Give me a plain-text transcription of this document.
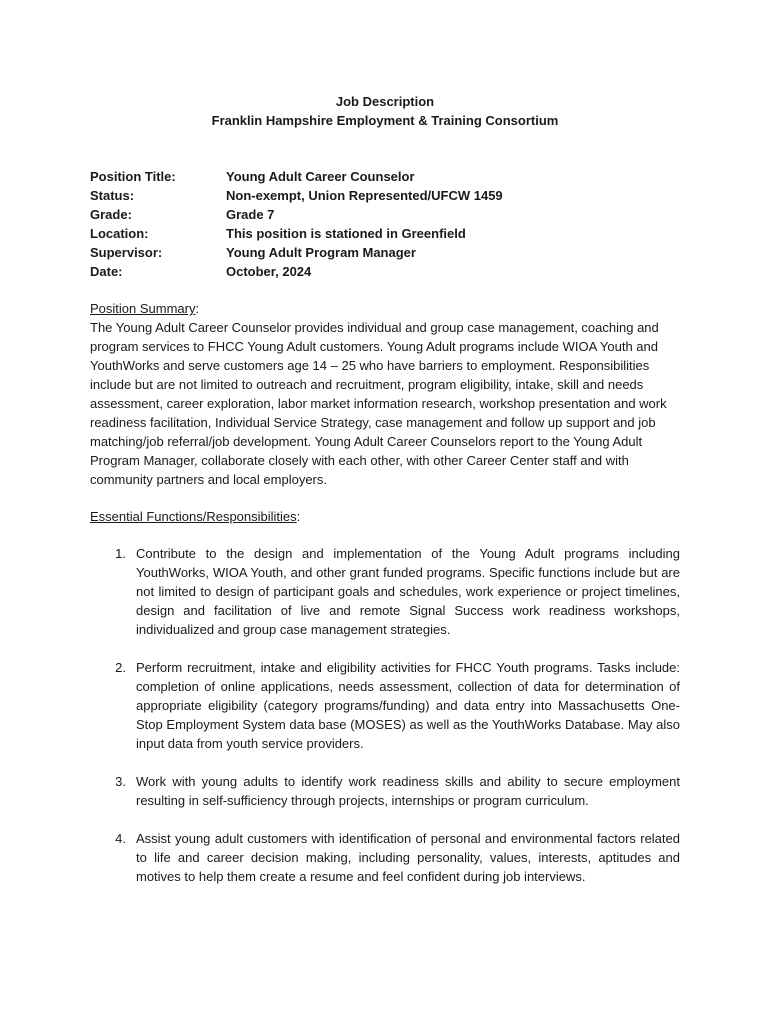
Job Description
Franklin Hampshire Employment & Training Consortium
Position Title:	Young Adult Career Counselor
Status:	Non-exempt, Union Represented/UFCW 1459
Grade:	Grade 7
Location:	This position is stationed in Greenfield
Supervisor:	Young Adult Program Manager
Date:	October, 2024
Position Summary:

The Young Adult Career Counselor provides individual and group case management, coaching and program services to FHCC Young Adult customers. Young Adult programs include WIOA Youth and YouthWorks and serve customers age 14 – 25 who have barriers to employment. Responsibilities include but are not limited to outreach and recruitment, program eligibility, intake, skill and needs assessment, career exploration, labor market information research, workshop presentation and work readiness facilitation, Individual Service Strategy, case management and follow up support and job matching/job referral/job development. Young Adult Career Counselors report to the Young Adult Program Manager, collaborate closely with each other, with other Career Center staff and with community partners and local employers.

Essential Functions/Responsibilities:
1. Contribute to the design and implementation of the Young Adult programs including YouthWorks, WIOA Youth, and other grant funded programs. Specific functions include but are not limited to design of participant goals and schedules, work experience or project timelines, design and facilitation of live and remote Signal Success work readiness workshops, individualized and group case management strategies.
2. Perform recruitment, intake and eligibility activities for FHCC Youth programs. Tasks include: completion of online applications, needs assessment, collection of data for determination of appropriate eligibility (category programs/funding) and data entry into Massachusetts One-Stop Employment System data base (MOSES) as well as the YouthWorks Database. May also input data from youth service providers.
3. Work with young adults to identify work readiness skills and ability to secure employment resulting in self-sufficiency through projects, internships or program curriculum.
4. Assist young adult customers with identification of personal and environmental factors related to life and career decision making, including personality, values, interests, aptitudes and motives to help them create a resume and feel confident during job interviews.
